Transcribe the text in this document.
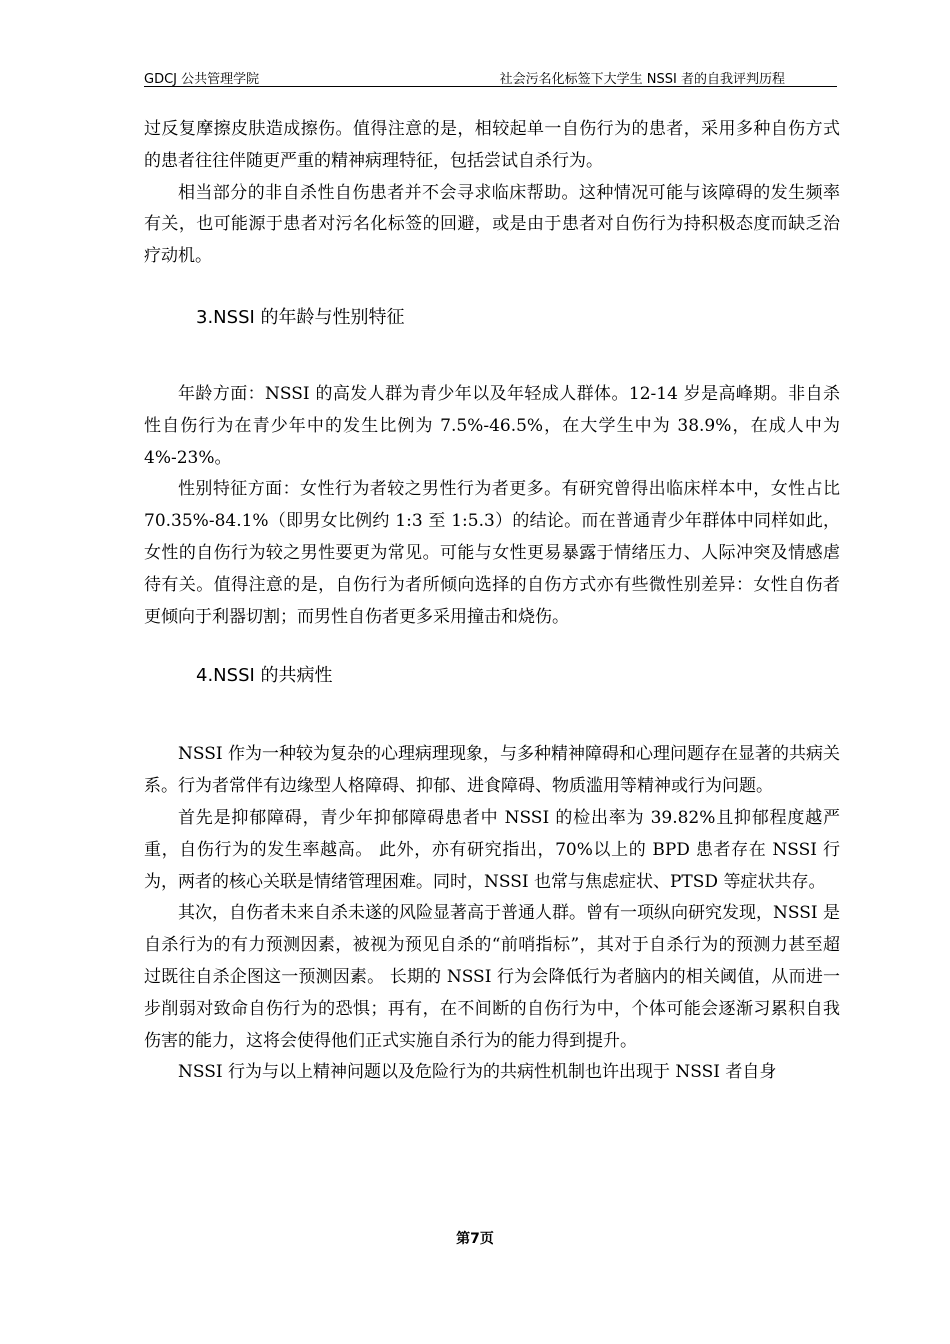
GDCJ 公共管理学院	社会污名化标签下大学生 NSSI 者的自我评判历程

过反复摩擦皮肤造成擦伤。值得注意的是，相较起单一自伤行为的患者，采用多种自伤方式的患者往往伴随更严重的精神病理特征，包括尝试自杀行为。

相当部分的非自杀性自伤患者并不会寻求临床帮助。这种情况可能与该障碍的发生频率有关，也可能源于患者对污名化标签的回避，或是由于患者对自伤行为持积极态度而缺乏治疗动机。

3.NSSI 的年龄与性别特征

年龄方面：NSSI 的高发人群为青少年以及年轻成人群体。12-14 岁是高峰期。非自杀性自伤行为在青少年中的发生比例为 7.5%-46.5%，在大学生中为 38.9%，在成人中为 4%-23%。

性别特征方面：女性行为者较之男性行为者更多。有研究曾得出临床样本中，女性占比 70.35%-84.1%（即男女比例约 1:3 至 1:5.3）的结论。而在普通青少年群体中同样如此，女性的自伤行为较之男性要更为常见。可能与女性更易暴露于情绪压力、人际冲突及情感虐待有关。值得注意的是，自伤行为者所倾向选择的自伤方式亦有些微性别差异：女性自伤者更倾向于利器切割；而男性自伤者更多采用撞击和烧伤。

4.NSSI 的共病性

NSSI 作为一种较为复杂的心理病理现象，与多种精神障碍和心理问题存在显著的共病关系。行为者常伴有边缘型人格障碍、抑郁、进食障碍、物质滥用等精神或行为问题。

首先是抑郁障碍，青少年抑郁障碍患者中 NSSI 的检出率为 39.82%且抑郁程度越严重，自伤行为的发生率越高。 此外，亦有研究指出，70%以上的 BPD 患者存在 NSSI 行为，两者的核心关联是情绪管理困难。同时，NSSI 也常与焦虑症状、PTSD 等症状共存。

其次，自伤者未来自杀未遂的风险显著高于普通人群。曾有一项纵向研究发现，NSSI 是自杀行为的有力预测因素，被视为预见自杀的“前哨指标”，其对于自杀行为的预测力甚至超过既往自杀企图这一预测因素。 长期的 NSSI 行为会降低行为者脑内的相关阈值，从而进一步削弱对致命自伤行为的恐惧；再有，在不间断的自伤行为中，个体可能会逐渐习累积自我伤害的能力，这将会使得他们正式实施自杀行为的能力得到提升。

NSSI 行为与以上精神问题以及危险行为的共病性机制也许出现于 NSSI 者自身

第7页
